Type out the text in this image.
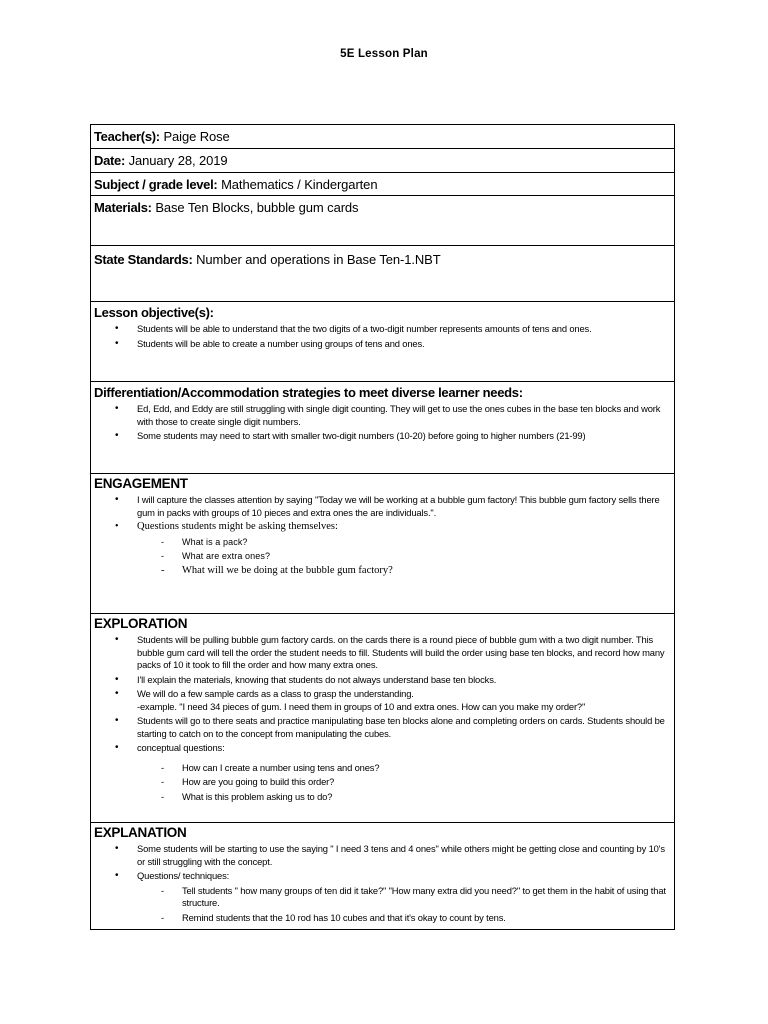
5E Lesson Plan
Teacher(s): Paige Rose
Date: January 28, 2019
Subject / grade level: Mathematics / Kindergarten
Materials: Base Ten Blocks, bubble gum cards
State Standards: Number and operations in Base Ten-1.NBT
Lesson objective(s):
• Students will be able to understand that the two digits of a two-digit number represents amounts of tens and ones.
• Students will be able to create a number using groups of tens and ones.
Differentiation/Accommodation strategies to meet diverse learner needs:
• Ed, Edd, and Eddy are still struggling with single digit counting. They will get to use the ones cubes in the base ten blocks and work with those to create single digit numbers.
• Some students may need to start with smaller two-digit numbers (10-20) before going to higher numbers (21-99)
ENGAGEMENT
• I will capture the classes attention by saying "Today we will be working at a bubble gum factory! This bubble gum factory sells there gum in packs with groups of 10 pieces and extra ones the are individuals.".
• Questions students might be asking themselves:
- What is a pack?
- What are extra ones?
- What will we be doing at the bubble gum factory?
EXPLORATION
• Students will be pulling bubble gum factory cards. on the cards there is a round piece of bubble gum with a two digit number. This bubble gum card will tell the order the student needs to fill. Students will build the order using base ten blocks, and record how many packs of 10 it took to fill the order and how many extra ones.
• I'll explain the materials, knowing that students do not always understand base ten blocks.
• We will do a few sample cards as a class to grasp the understanding.
-example. "I need 34 pieces of gum. I need them in groups of 10 and extra ones. How can you make my order?"
• Students will go to there seats and practice manipulating base ten blocks alone and completing orders on cards. Students should be starting to catch on to the concept from manipulating the cubes.
• conceptual questions:
- How can I create a number using tens and ones?
- How are you going to build this order?
- What is this problem asking us to do?
EXPLANATION
• Some students will be starting to use the saying " I need 3 tens and 4 ones" while others might be getting close and counting by 10's or still struggling with the concept.
• Questions/ techniques:
- Tell students " how many groups of ten did it take?" "How many extra did you need?" to get them in the habit of using that structure.
- Remind students that the 10 rod has 10 cubes and that it's okay to count by tens.
